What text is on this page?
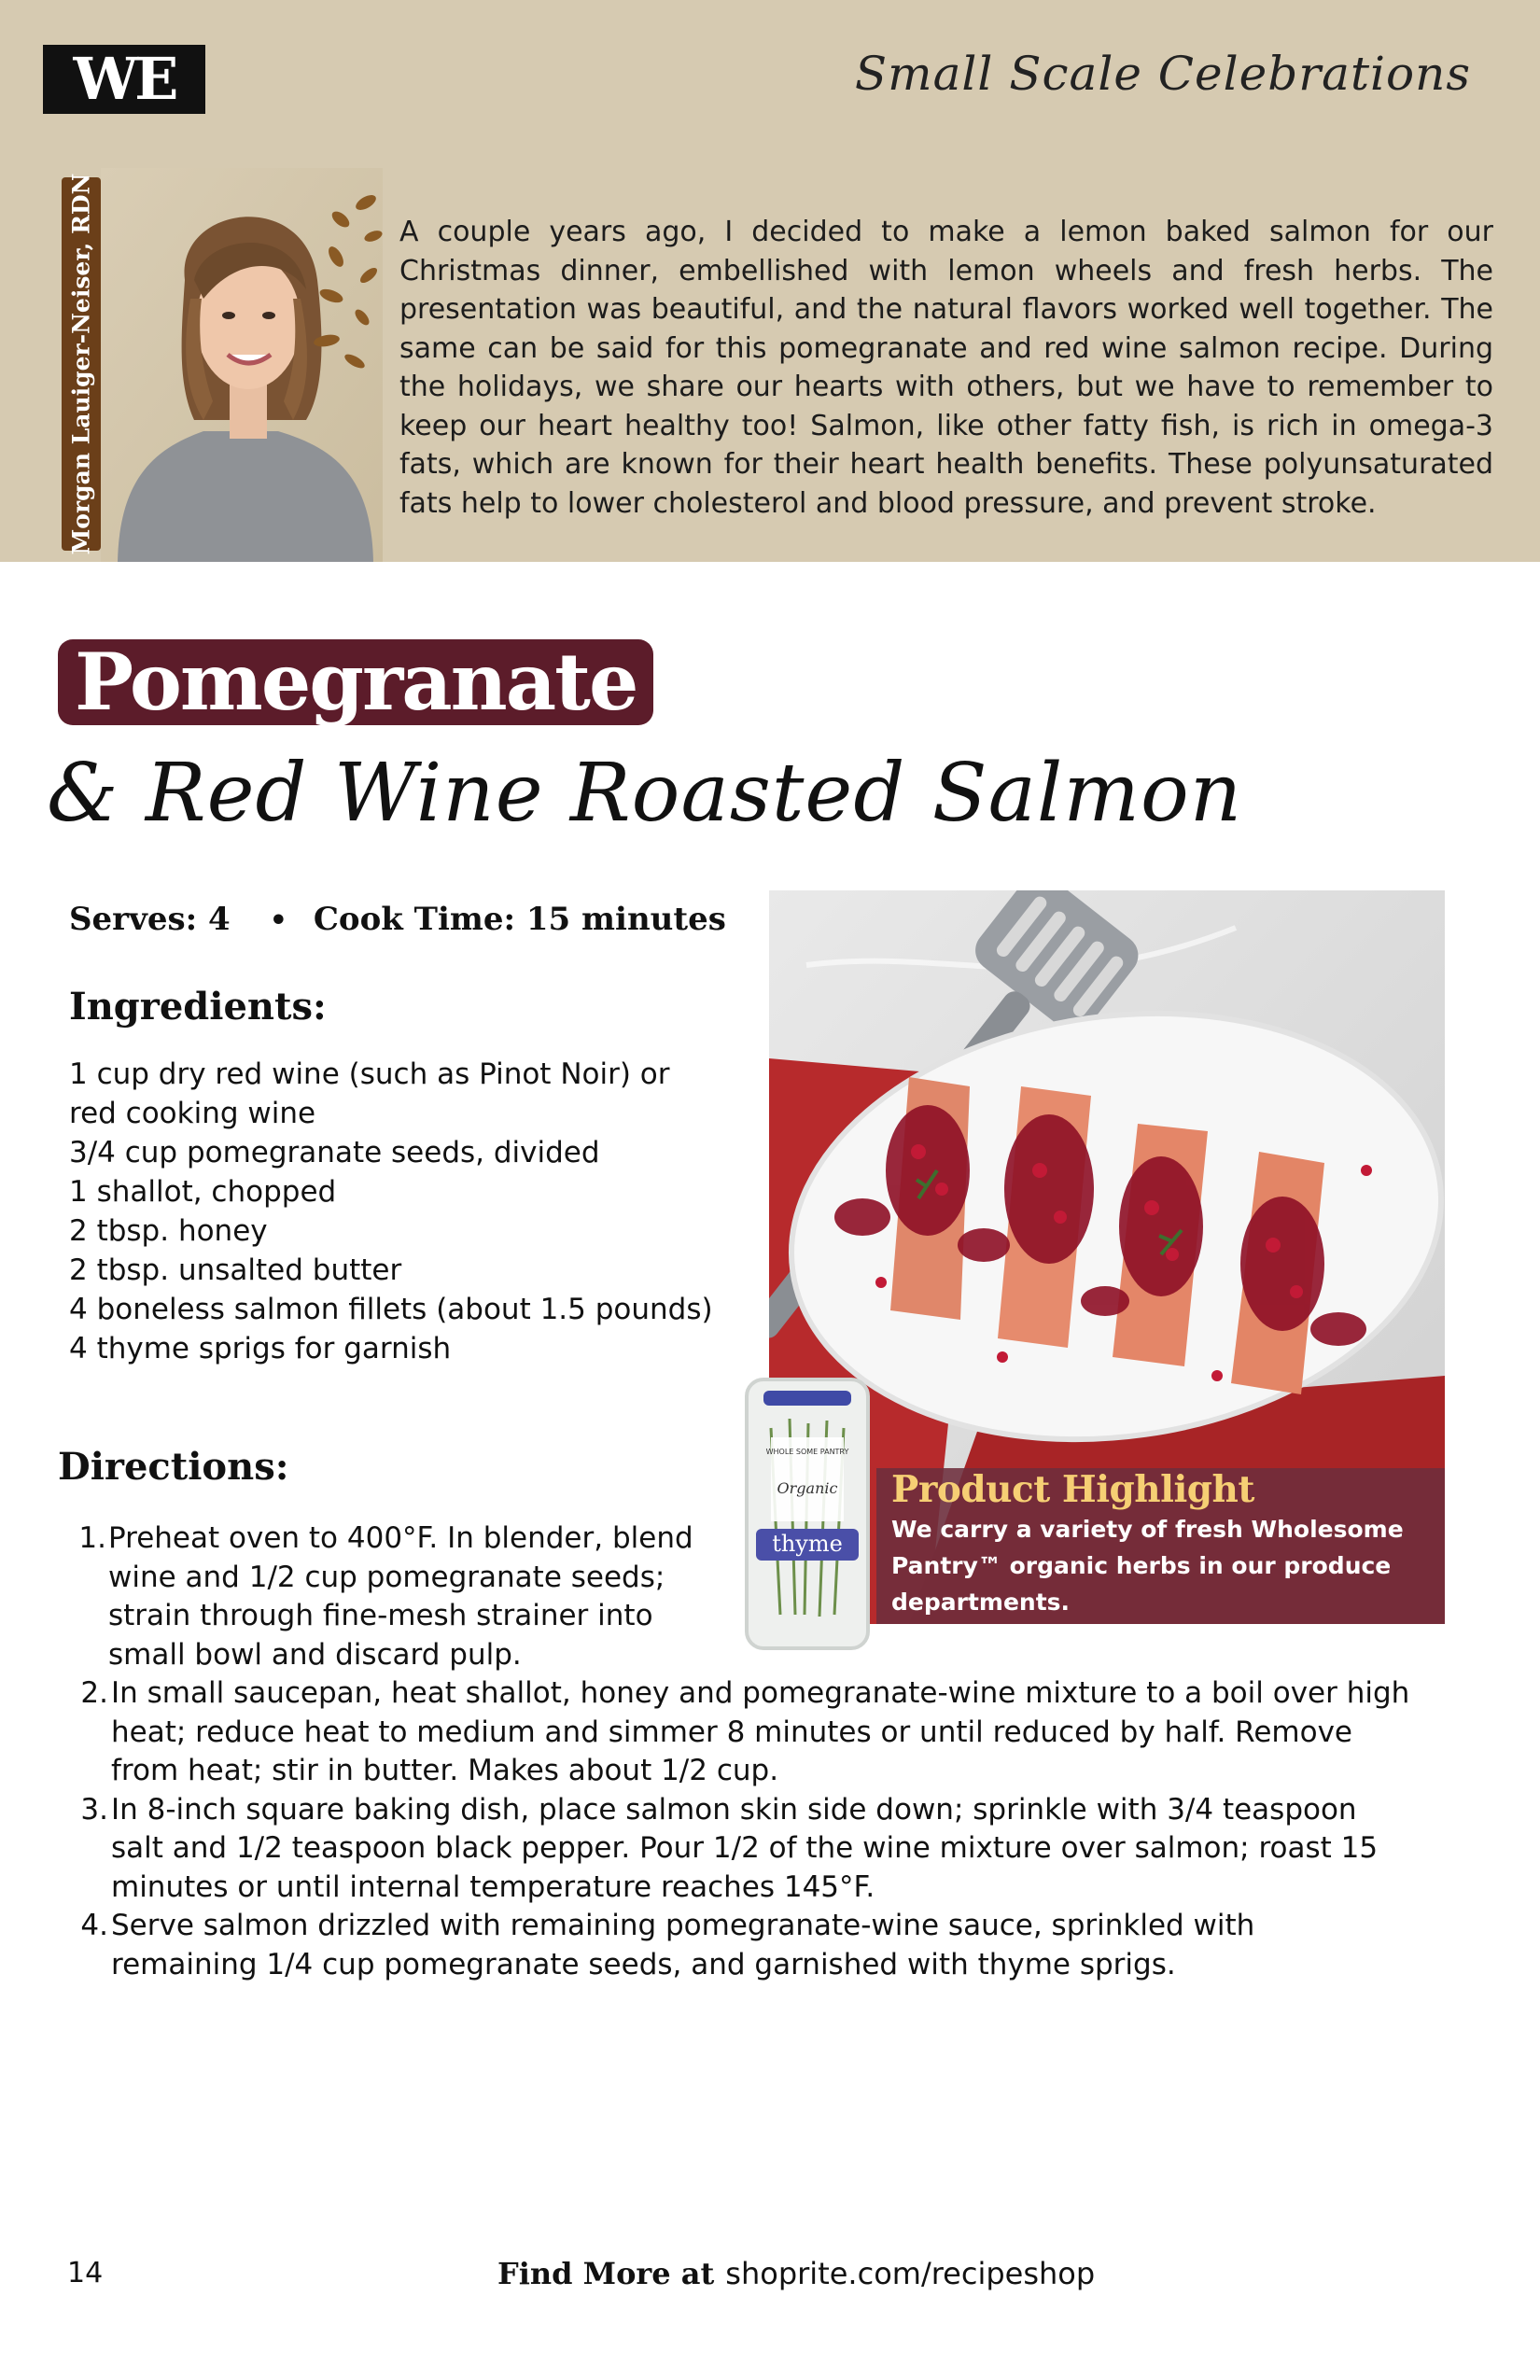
WE	Small Scale Celebrations
Morgan Lauiger-Neiser, RDN	A couple years ago, I decided to make a lemon baked salmon for our Christmas dinner, embellished with lemon wheels and fresh herbs. The presentation was beautiful, and the natural flavors worked well together. The same can be said for this pomegranate and red wine salmon recipe. During the holidays, we share our hearts with others, but we have to remember to keep our heart healthy too! Salmon, like other fatty fish, is rich in omega-3 fats, which are known for their heart health benefits. These polyunsaturated fats help to lower cholesterol and blood pressure, and prevent stroke.

Pomegranate
& Red Wine Roasted Salmon
Serves: 4 • Cook Time: 15 minutes
Ingredients:
1 cup dry red wine (such as Pinot Noir) or
red cooking wine
3/4 cup pomegranate seeds, divided
1 shallot, chopped
2 tbsp. honey
2 tbsp. unsalted butter
4 boneless salmon fillets (about 1.5 pounds)
4 thyme sprigs for garnish
WHOLE SOME PANTRY
Organic
thyme
Product Highlight
We carry a variety of fresh Wholesome
Pantry™ organic herbs in our produce
departments.
Directions:
1. Preheat oven to 400°F. In blender, blend
wine and 1/2 cup pomegranate seeds;
strain through fine-mesh strainer into
small bowl and discard pulp.
2. In small saucepan, heat shallot, honey and pomegranate-wine mixture to a boil over high
heat; reduce heat to medium and simmer 8 minutes or until reduced by half. Remove
from heat; stir in butter. Makes about 1/2 cup.
3. In 8-inch square baking dish, place salmon skin side down; sprinkle with 3/4 teaspoon
salt and 1/2 teaspoon black pepper. Pour 1/2 of the wine mixture over salmon; roast 15
minutes or until internal temperature reaches 145°F.
4. Serve salmon drizzled with remaining pomegranate-wine sauce, sprinkled with
remaining 1/4 cup pomegranate seeds, and garnished with thyme sprigs.
14	Find More at shoprite.com/recipeshop
